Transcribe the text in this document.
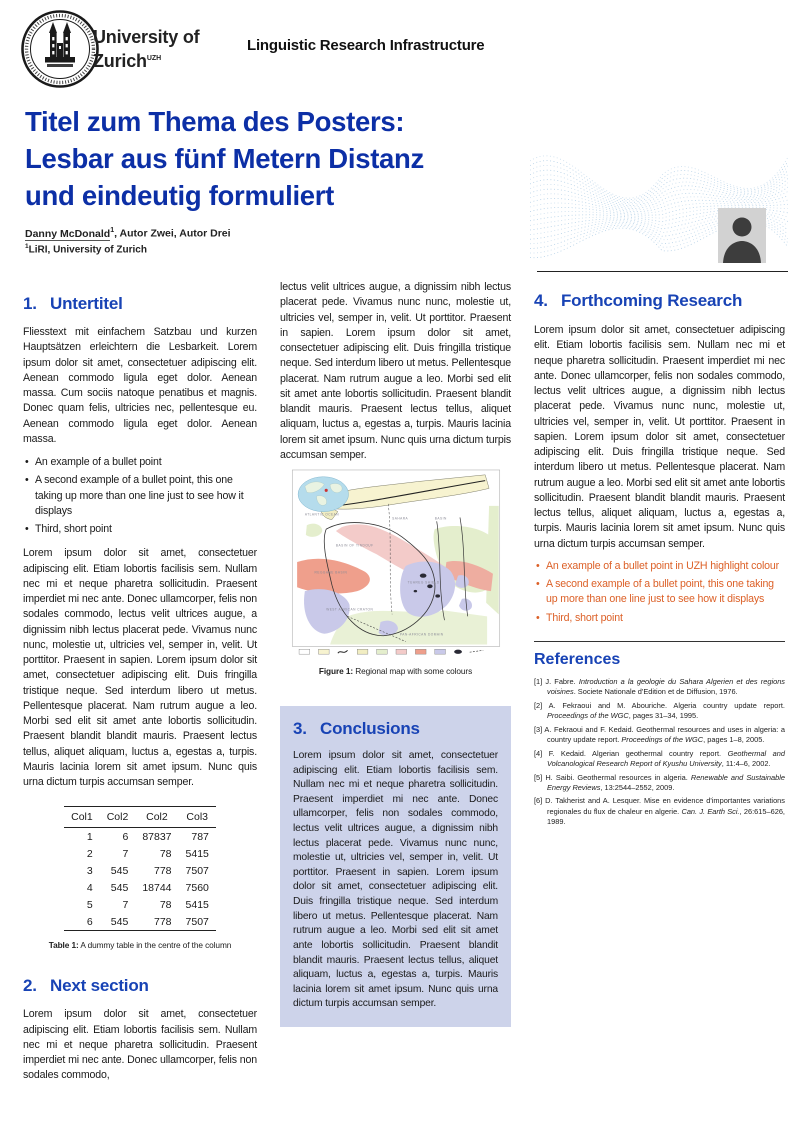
University of
Zurich$^{UZH}$
Linguistic Research Infrastructure
Titel zum Thema des Posters:
Lesbar aus fünf Metern Distanz
und eindeutig formuliert
Danny McDonald$^1$, Autor Zwei, Autor Drei
$^1$LiRI, University of Zurich
1. Untertitel

Fliesstext mit einfachem Satzbau und kurzen Hauptsätzen erleichtern die Lesbarkeit. Lorem ipsum dolor sit amet, consectetuer adipiscing elit. Aenean commodo ligula eget dolor. Aenean massa. Cum sociis natoque penatibus et magnis. Donec quam felis, ultricies nec, pellentesque eu. Aenean commodo ligula eget dolor. Aenean massa.

• An example of a bullet point
• A second example of a bullet point, this one taking up more than one line just to see how it displays
• Third, short point

Lorem ipsum dolor sit amet, consectetuer adipiscing elit. Etiam lobortis facilisis sem. Nullam nec mi et neque pharetra sollicitudin. Praesent imperdiet mi nec ante. Donec ullamcorper, felis non sodales commodo, lectus velit ultrices augue, a dignissim nibh lectus placerat pede. Vivamus nunc nunc, molestie ut, ultricies vel, semper in, velit. Ut porttitor. Praesent in sapien. Lorem ipsum dolor sit amet, consectetuer adipiscing elit. Duis fringilla tristique neque. Sed interdum libero ut metus. Pellentesque placerat. Nam rutrum augue a leo. Morbi sed elit sit amet ante lobortis sollicitudin. Praesent blandit blandit mauris. Praesent lectus tellus, aliquet aliquam, luctus a, egestas a, turpis. Mauris lacinia lorem sit amet ipsum. Nunc quis urna dictum turpis accumsan semper.

Col1	Col2	Col2	Col3
1	6	87837	787
2	7	78	5415
3	545	778	7507
4	545	18744	7560
5	7	78	5415
6	545	778	7507
Table 1: A dummy table in the centre of the column
2. Next section

Lorem ipsum dolor sit amet, consectetuer adipiscing elit. Etiam lobortis facilisis sem. Nullam nec mi et neque pharetra sollicitudin. Praesent imperdiet mi nec ante. Donec ullamcorper, felis non sodales commodo,

lectus velit ultrices augue, a dignissim nibh lectus placerat pede. Vivamus nunc nunc, molestie ut, ultricies vel, semper in, velit. Ut porttitor. Praesent in sapien. Lorem ipsum dolor sit amet, consectetuer adipiscing elit. Duis fringilla tristique neque. Sed interdum libero ut metus. Pellentesque placerat. Nam rutrum augue a leo. Morbi sed elit sit amet ante lobortis sollicitudin. Praesent blandit blandit mauris. Praesent lectus tellus, aliquet aliquam, luctus a, egestas a, turpis. Mauris lacinia lorem sit amet ipsum. Nunc quis urna dictum turpis accumsan semper.

ATLANTIC OCEAN
SAHARA	BASIN
BASIN OF TINDOUF
REGGANE BASIN
WEST AFRICAN CRATON
TUAREG SHIELD
PAN-AFRICAN DOMAIN
Figure 1: Regional map with some colours
3. Conclusions

Lorem ipsum dolor sit amet, consectetuer adipiscing elit. Etiam lobortis facilisis sem. Nullam nec mi et neque pharetra sollicitudin. Praesent imperdiet mi nec ante. Donec ullamcorper, felis non sodales commodo, lectus velit ultrices augue, a dignissim nibh lectus placerat pede. Vivamus nunc nunc, molestie ut, ultricies vel, semper in, velit. Ut porttitor. Praesent in sapien. Lorem ipsum dolor sit amet, consectetuer adipiscing elit. Duis fringilla tristique neque. Sed interdum libero ut metus. Pellentesque placerat. Nam rutrum augue a leo. Morbi sed elit sit amet ante lobortis sollicitudin. Praesent blandit blandit mauris. Praesent lectus tellus, aliquet aliquam, luctus a, egestas a, turpis. Mauris lacinia lorem sit amet ipsum. Nunc quis urna dictum turpis accumsan semper.

4. Forthcoming Research

Lorem ipsum dolor sit amet, consectetuer adipiscing elit. Etiam lobortis facilisis sem. Nullam nec mi et neque pharetra sollicitudin. Praesent imperdiet mi nec ante. Donec ullamcorper, felis non sodales commodo, lectus velit ultrices augue, a dignissim nibh lectus placerat pede. Vivamus nunc nunc, molestie ut, ultricies vel, semper in, velit. Ut porttitor. Praesent in sapien. Lorem ipsum dolor sit amet, consectetuer adipiscing elit. Duis fringilla tristique neque. Sed interdum libero ut metus. Pellentesque placerat. Nam rutrum augue a leo. Morbi sed elit sit amet ante lobortis sollicitudin. Praesent blandit blandit mauris. Praesent lectus tellus, aliquet aliquam, luctus a, egestas a, turpis. Mauris lacinia lorem sit amet ipsum. Nunc quis urna dictum turpis accumsan semper.

• An example of a bullet point in UZH highlight colour
• A second example of a bullet point, this one taking up more than one line just to see how it displays
• Third, short point
References
[1] J. Fabre. Introduction a la geologie du Sahara Algerien et des regions voisines. Societe Nationale d'Edition et de Diffusion, 1976.
[2] A. Fekraoui and M. Abouriche. Algeria country update report. Proceedings of the WGC, pages 31–34, 1995.
[3] A. Fekraoui and F. Kedaid. Geothermal resources and uses in algeria: a country update report. Proceedings of the WGC, pages 1–8, 2005.
[4] F. Kedaid. Algerian geothermal country report. Geothermal and Volcanological Research Report of Kyushu University, 11:4–6, 2002.
[5] H. Saibi. Geothermal resources in algeria. Renewable and Sustainable Energy Reviews, 13:2544–2552, 2009.
[6] D. Takherist and A. Lesquer. Mise en evidence d'importantes variations regionales du flux de chaleur en algerie. Can. J. Earth Sci., 26:615–626, 1989.
